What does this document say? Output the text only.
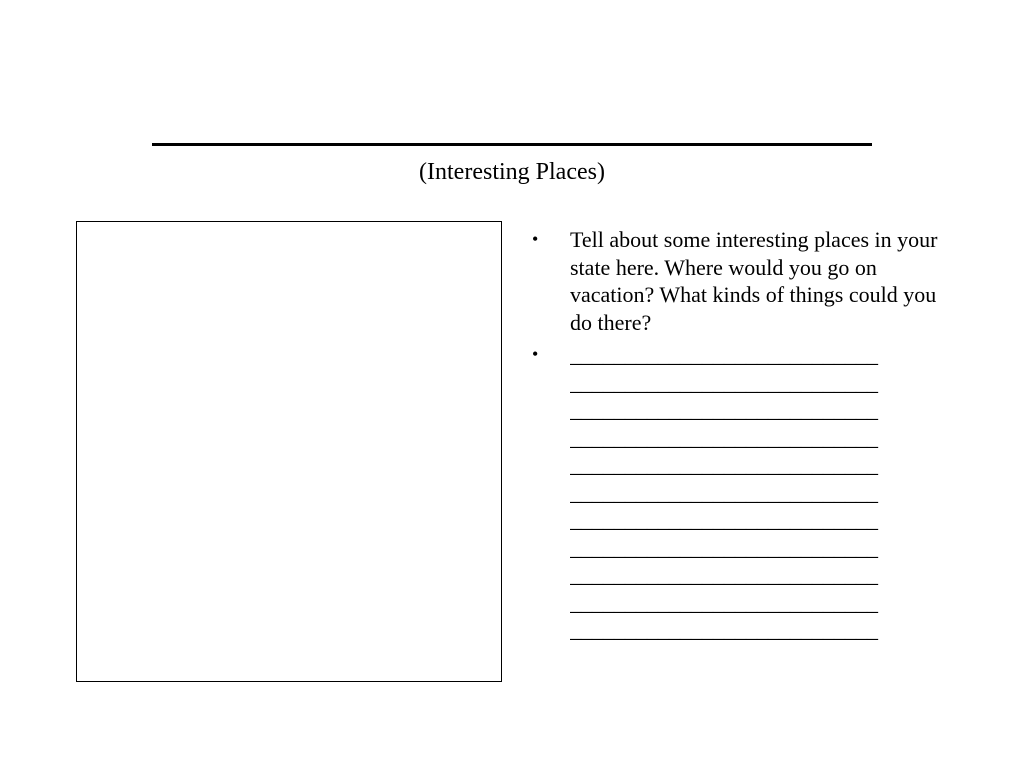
(Interesting Places)
• Tell about some interesting places in your state here. Where would you go on vacation? What kinds of things could you do there?
• ____________________________
____________________________
____________________________
____________________________
____________________________
____________________________
____________________________
____________________________
____________________________
____________________________
____________________________
